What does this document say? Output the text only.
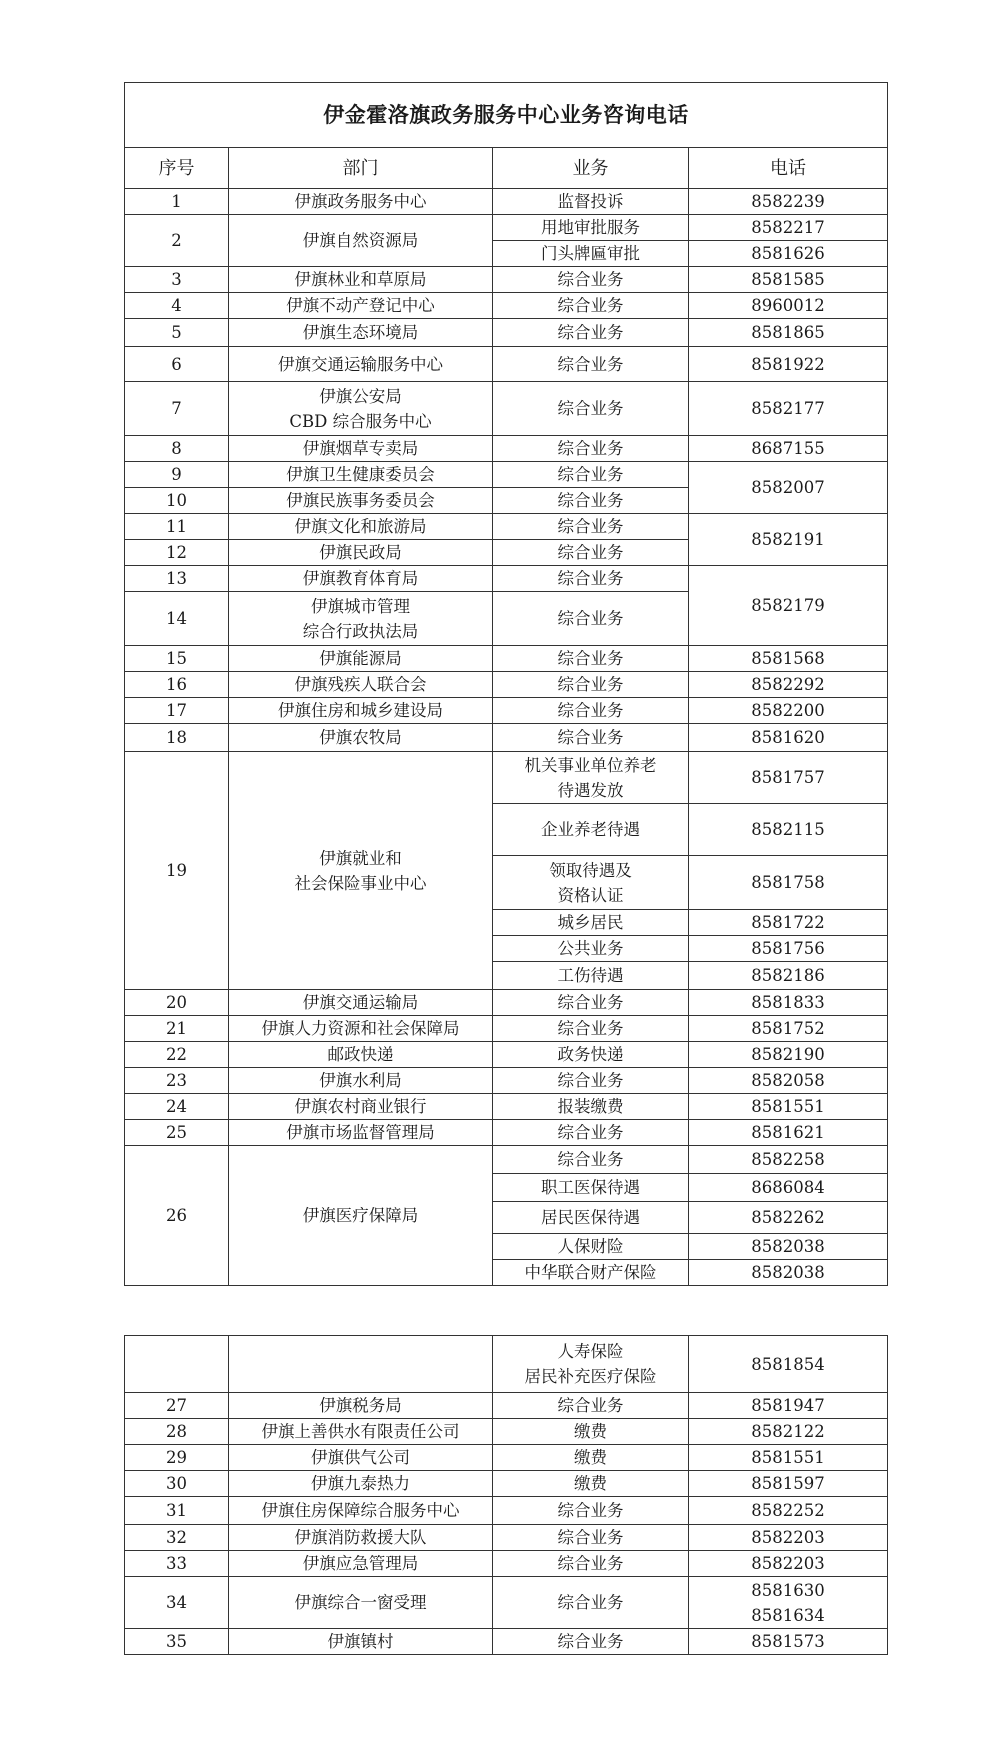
伊金霍洛旗政务服务中心业务咨询电话			
序号	部门	业务	电话

1	伊旗政务服务中心	监督投诉	8582239

2	伊旗自然资源局	用地审批服务	8582217

		门头牌匾审批	8581626

3	伊旗林业和草原局	综合业务	8581585

4	伊旗不动产登记中心	综合业务	8960012

5	伊旗生态环境局	综合业务	8581865

6	伊旗交通运输服务中心	综合业务	8581922

7	伊旗公安局
CBD 综合服务中心	综合业务	8582177

8	伊旗烟草专卖局	综合业务	8687155

9	伊旗卫生健康委员会	综合业务	8582007

10	伊旗民族事务委员会	综合业务	

11	伊旗文化和旅游局	综合业务	8582191

12	伊旗民政局	综合业务	

13	伊旗教育体育局	综合业务	8582179

14	伊旗城市管理
综合行政执法局	综合业务	

15	伊旗能源局	综合业务	8581568

16	伊旗残疾人联合会	综合业务	8582292

17	伊旗住房和城乡建设局	综合业务	8582200

18	伊旗农牧局	综合业务	8581620

19	伊旗就业和
社会保险事业中心	机关事业单位养老
待遇发放	8581757

		企业养老待遇	8582115

		领取待遇及
资格认证	8581758

		城乡居民	8581722

		公共业务	8581756

		工伤待遇	8582186

20	伊旗交通运输局	综合业务	8581833

21	伊旗人力资源和社会保障局	综合业务	8581752

22	邮政快递	政务快递	8582190

23	伊旗水利局	综合业务	8582058

24	伊旗农村商业银行	报装缴费	8581551

25	伊旗市场监督管理局	综合业务	8581621

26	伊旗医疗保障局	综合业务	8582258

		职工医保待遇	8686084

		居民医保待遇	8582262

		人保财险	8582038

		中华联合财产保险	8582038

		人寿保险
居民补充医疗保险	8581854

27	伊旗税务局	综合业务	8581947

28	伊旗上善供水有限责任公司	缴费	8582122

29	伊旗供气公司	缴费	8581551

30	伊旗九泰热力	缴费	8581597

31	伊旗住房保障综合服务中心	综合业务	8582252

32	伊旗消防救援大队	综合业务	8582203

33	伊旗应急管理局	综合业务	8582203

34	伊旗综合一窗受理	综合业务	8581630
8581634

35	伊旗镇村	综合业务	8581573
